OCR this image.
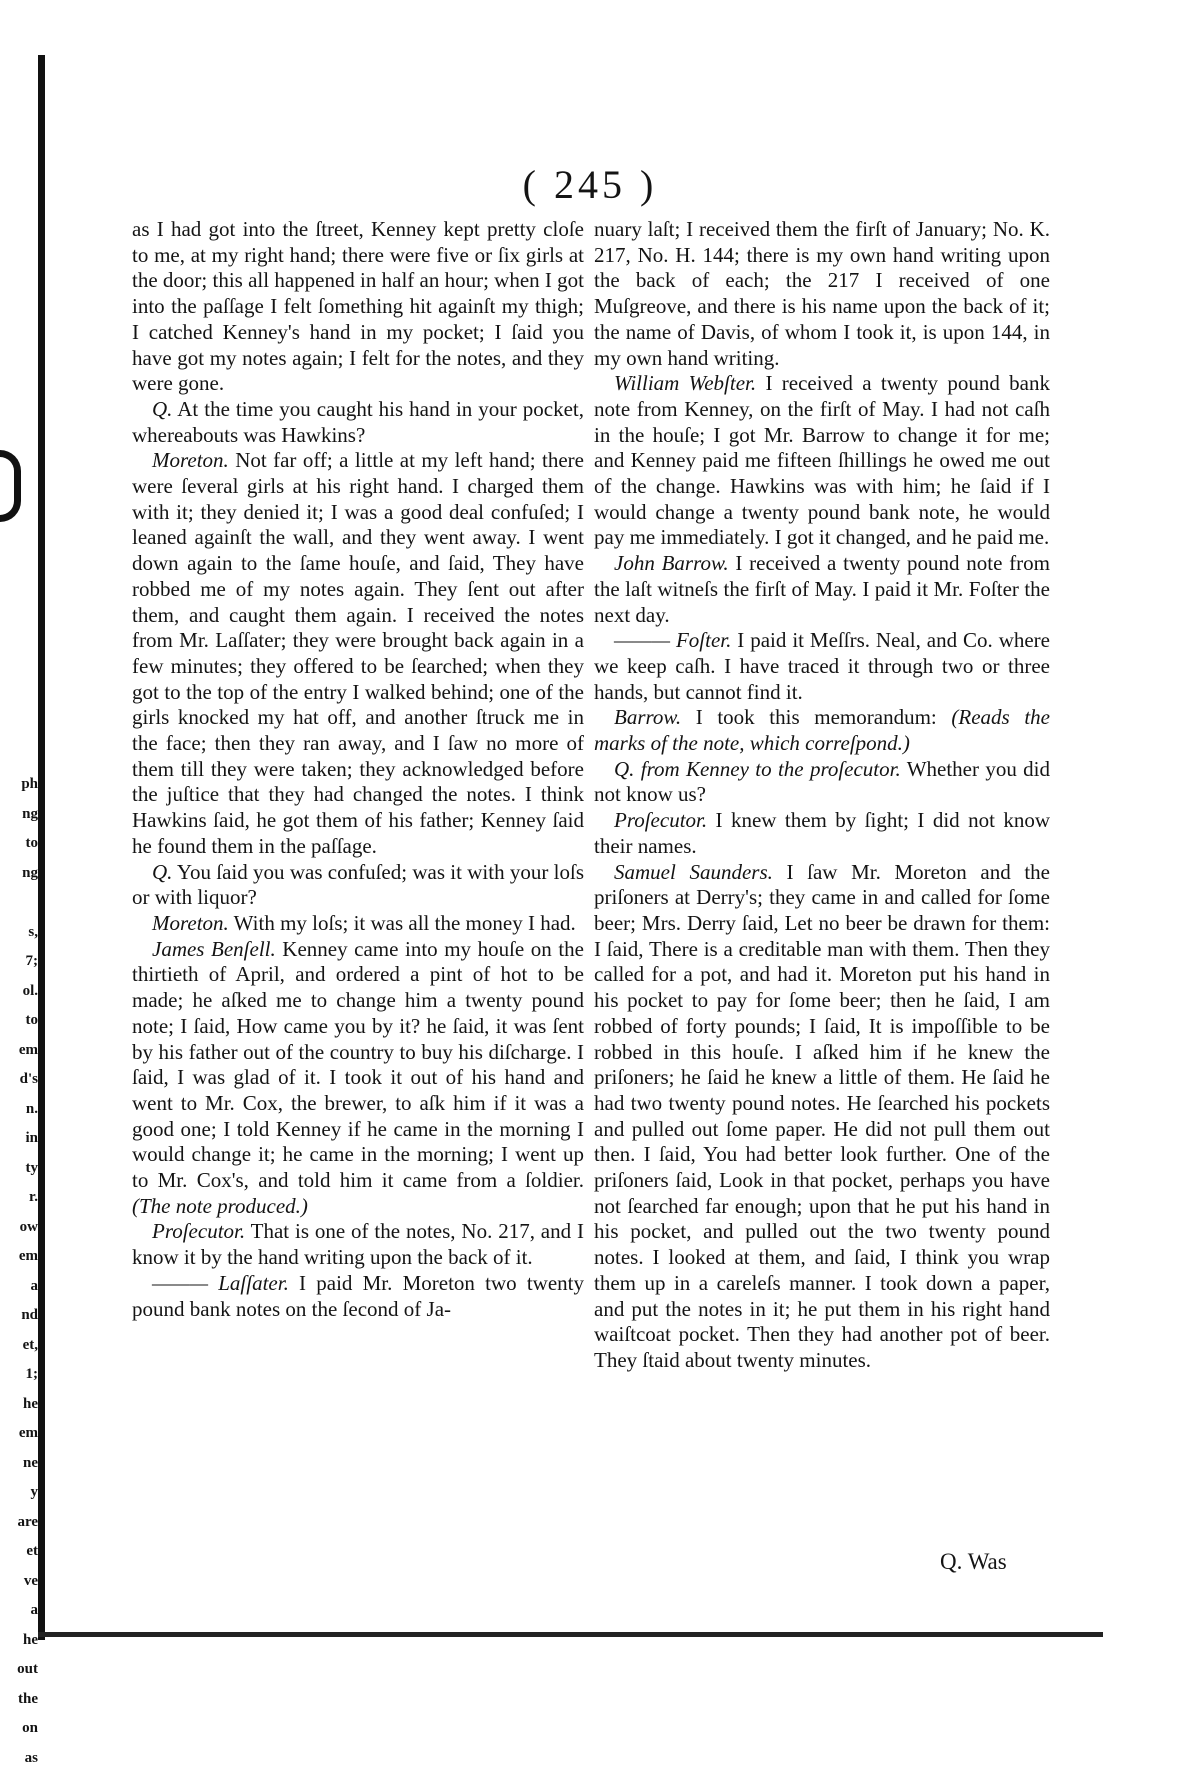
ph
ng
to
ng

s,
7;
ol.
to
em
d's
n.
in
ty
r.
ow
em
a
nd
et,
1;
he
em
ne
y
are
et
ve
a
he
out
the
on
as
( 245 )

as I had got into the ſtreet, Kenney kept pretty cloſe to me, at my right hand; there were five or ſix girls at the door; this all happened in half an hour; when I got into the paſſage I felt ſomething hit againſt my thigh; I catched Kenney's hand in my pocket; I ſaid you have got my notes again; I felt for the notes, and they were gone.

Q. At the time you caught his hand in your pocket, whereabouts was Hawkins?

Moreton. Not far off; a little at my left hand; there were ſeveral girls at his right hand. I charged them with it; they denied it; I was a good deal confuſed; I leaned againſt the wall, and they went away. I went down again to the ſame houſe, and ſaid, They have robbed me of my notes again. They ſent out after them, and caught them again. I received the notes from Mr. Laſſater; they were brought back again in a few minutes; they offered to be ſearched; when they got to the top of the entry I walked behind; one of the girls knocked my hat off, and another ſtruck me in the face; then they ran away, and I ſaw no more of them till they were taken; they acknowledged before the juſtice that they had changed the notes. I think Hawkins ſaid, he got them of his father; Kenney ſaid he found them in the paſſage.

Q. You ſaid you was confuſed; was it with your loſs or with liquor?

Moreton. With my loſs; it was all the money I had.

James Benſell. Kenney came into my houſe on the thirtieth of April, and ordered a pint of hot to be made; he aſked me to change him a twenty pound note; I ſaid, How came you by it? he ſaid, it was ſent by his father out of the country to buy his diſcharge. I ſaid, I was glad of it. I took it out of his hand and went to Mr. Cox, the brewer, to aſk him if it was a good one; I told Kenney if he came in the morning I would change it; he came in the morning; I went up to Mr. Cox's, and told him it came from a ſoldier. (The note produced.)

Proſecutor. That is one of the notes, No. 217, and I know it by the hand writing upon the back of it.

——— Laſſater. I paid Mr. Moreton two twenty pound bank notes on the ſecond of Ja-

nuary laſt; I received them the firſt of January; No. K. 217, No. H. 144; there is my own hand writing upon the back of each; the 217 I received of one Muſgreove, and there is his name upon the back of it; the name of Davis, of whom I took it, is upon 144, in my own hand writing.

William Webſter. I received a twenty pound bank note from Kenney, on the firſt of May. I had not caſh in the houſe; I got Mr. Barrow to change it for me; and Kenney paid me fifteen ſhillings he owed me out of the change. Hawkins was with him; he ſaid if I would change a twenty pound bank note, he would pay me immediately. I got it changed, and he paid me.

John Barrow. I received a twenty pound note from the laſt witneſs the firſt of May. I paid it Mr. Foſter the next day.

——— Foſter. I paid it Meſſrs. Neal, and Co. where we keep caſh. I have traced it through two or three hands, but cannot find it.

Barrow. I took this memorandum: (Reads the marks of the note, which correſpond.)

Q. from Kenney to the proſecutor. Whether you did not know us?

Proſecutor. I knew them by ſight; I did not know their names.

Samuel Saunders. I ſaw Mr. Moreton and the priſoners at Derry's; they came in and called for ſome beer; Mrs. Derry ſaid, Let no beer be drawn for them: I ſaid, There is a creditable man with them. Then they called for a pot, and had it. Moreton put his hand in his pocket to pay for ſome beer; then he ſaid, I am robbed of forty pounds; I ſaid, It is impoſſible to be robbed in this houſe. I aſked him if he knew the priſoners; he ſaid he knew a little of them. He ſaid he had two twenty pound notes. He ſearched his pockets and pulled out ſome paper. He did not pull them out then. I ſaid, You had better look further. One of the priſoners ſaid, Look in that pocket, perhaps you have not ſearched far enough; upon that he put his hand in his pocket, and pulled out the two twenty pound notes. I looked at them, and ſaid, I think you wrap them up in a careleſs manner. I took down a paper, and put the notes in it; he put them in his right hand waiſtcoat pocket. Then they had another pot of beer. They ſtaid about twenty minutes.

Q. Was
